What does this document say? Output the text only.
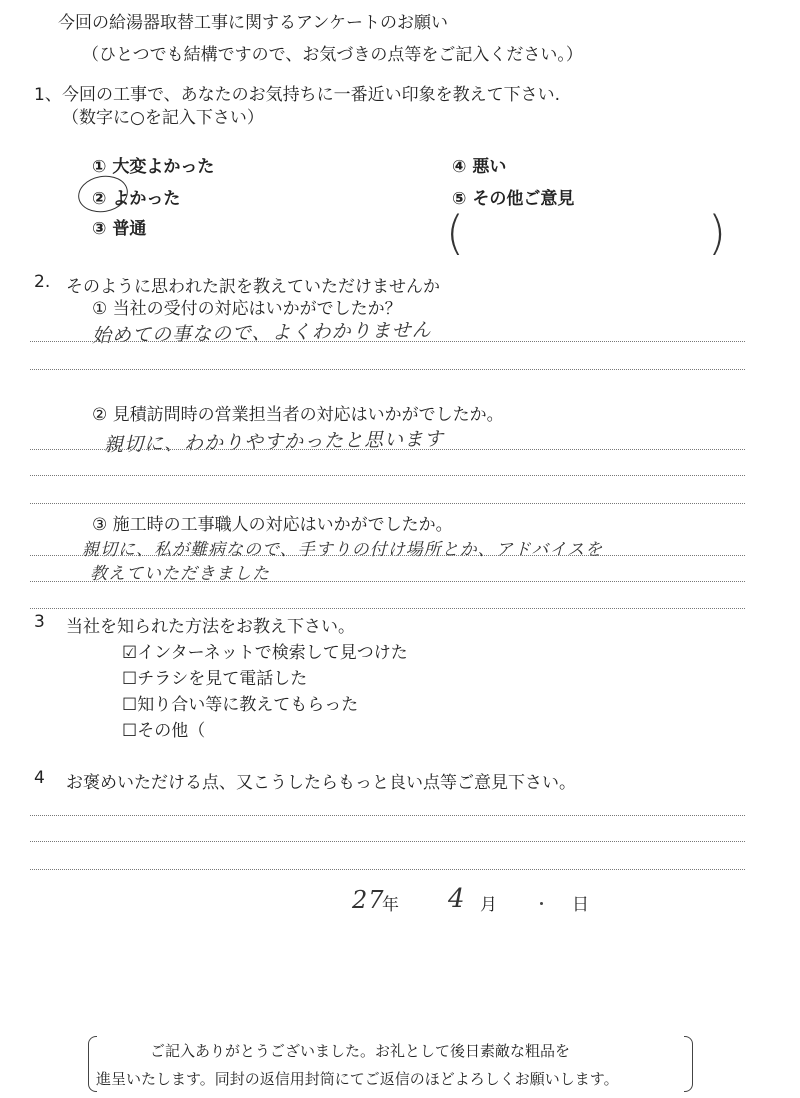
今回の給湯器取替工事に関するアンケートのお願い
（ひとつでも結構ですので、お気づきの点等をご記入ください。）
1、 今回の工事で、あなたのお気持ちに一番近い印象を教えて下さい.
（数字に○を記入下さい）
① 大変よかった
② よかった
③ 普通
④ 悪い
⑤ その他ご意見
(	)
2. そのように思われた訳を教えていただけませんか
① 当社の受付の対応はいかがでしたか？
始めての事なので、よくわかりません
② 見積訪問時の営業担当者の対応はいかがでしたか。
親切に、わかりやすかったと思います
③ 施工時の工事職人の対応はいかがでしたか。
親切に、私が難病なので、手すりの付け場所とか、アドバイスを
教えていただきました
3 当社を知られた方法をお教え下さい。
☑インターネットで検索して見つけた
☐チラシを見て電話した
☐知り合い等に教えてもらった
☐その他（
4 お褒めいただける点、又こうしたらもっと良い点等ご意見下さい。
27
年 4 月	日
ご記入ありがとうございました。お礼として後日素敵な粗品を
進呈いたします。同封の返信用封筒にてご返信のほどよろしくお願いします。
